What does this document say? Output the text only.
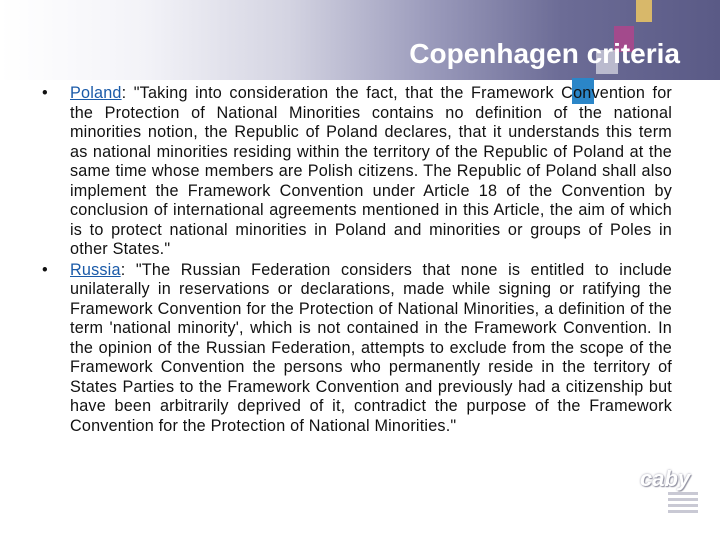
Copenhagen criteria
• Poland: "Taking into consideration the fact, that the Framework Convention for the Protection of National Minorities contains no definition of the national minorities notion, the Republic of Poland declares, that it understands this term as national minorities residing within the territory of the Republic of Poland at the same time whose members are Polish citizens. The Republic of Poland shall also implement the Framework Convention under Article 18 of the Convention by conclusion of international agreements mentioned in this Article, the aim of which is to protect national minorities in Poland and minorities or groups of Poles in other States."
• Russia: "The Russian Federation considers that none is entitled to include unilaterally in reservations or declarations, made while signing or ratifying the Framework Convention for the Protection of National Minorities, a definition of the term 'national minority', which is not contained in the Framework Convention. In the opinion of the Russian Federation, attempts to exclude from the scope of the Framework Convention the persons who permanently reside in the territory of States Parties to the Framework Convention and previously had a citizenship but have been arbitrarily deprived of it, contradict the purpose of the Framework Convention for the Protection of National Minorities."
caby
